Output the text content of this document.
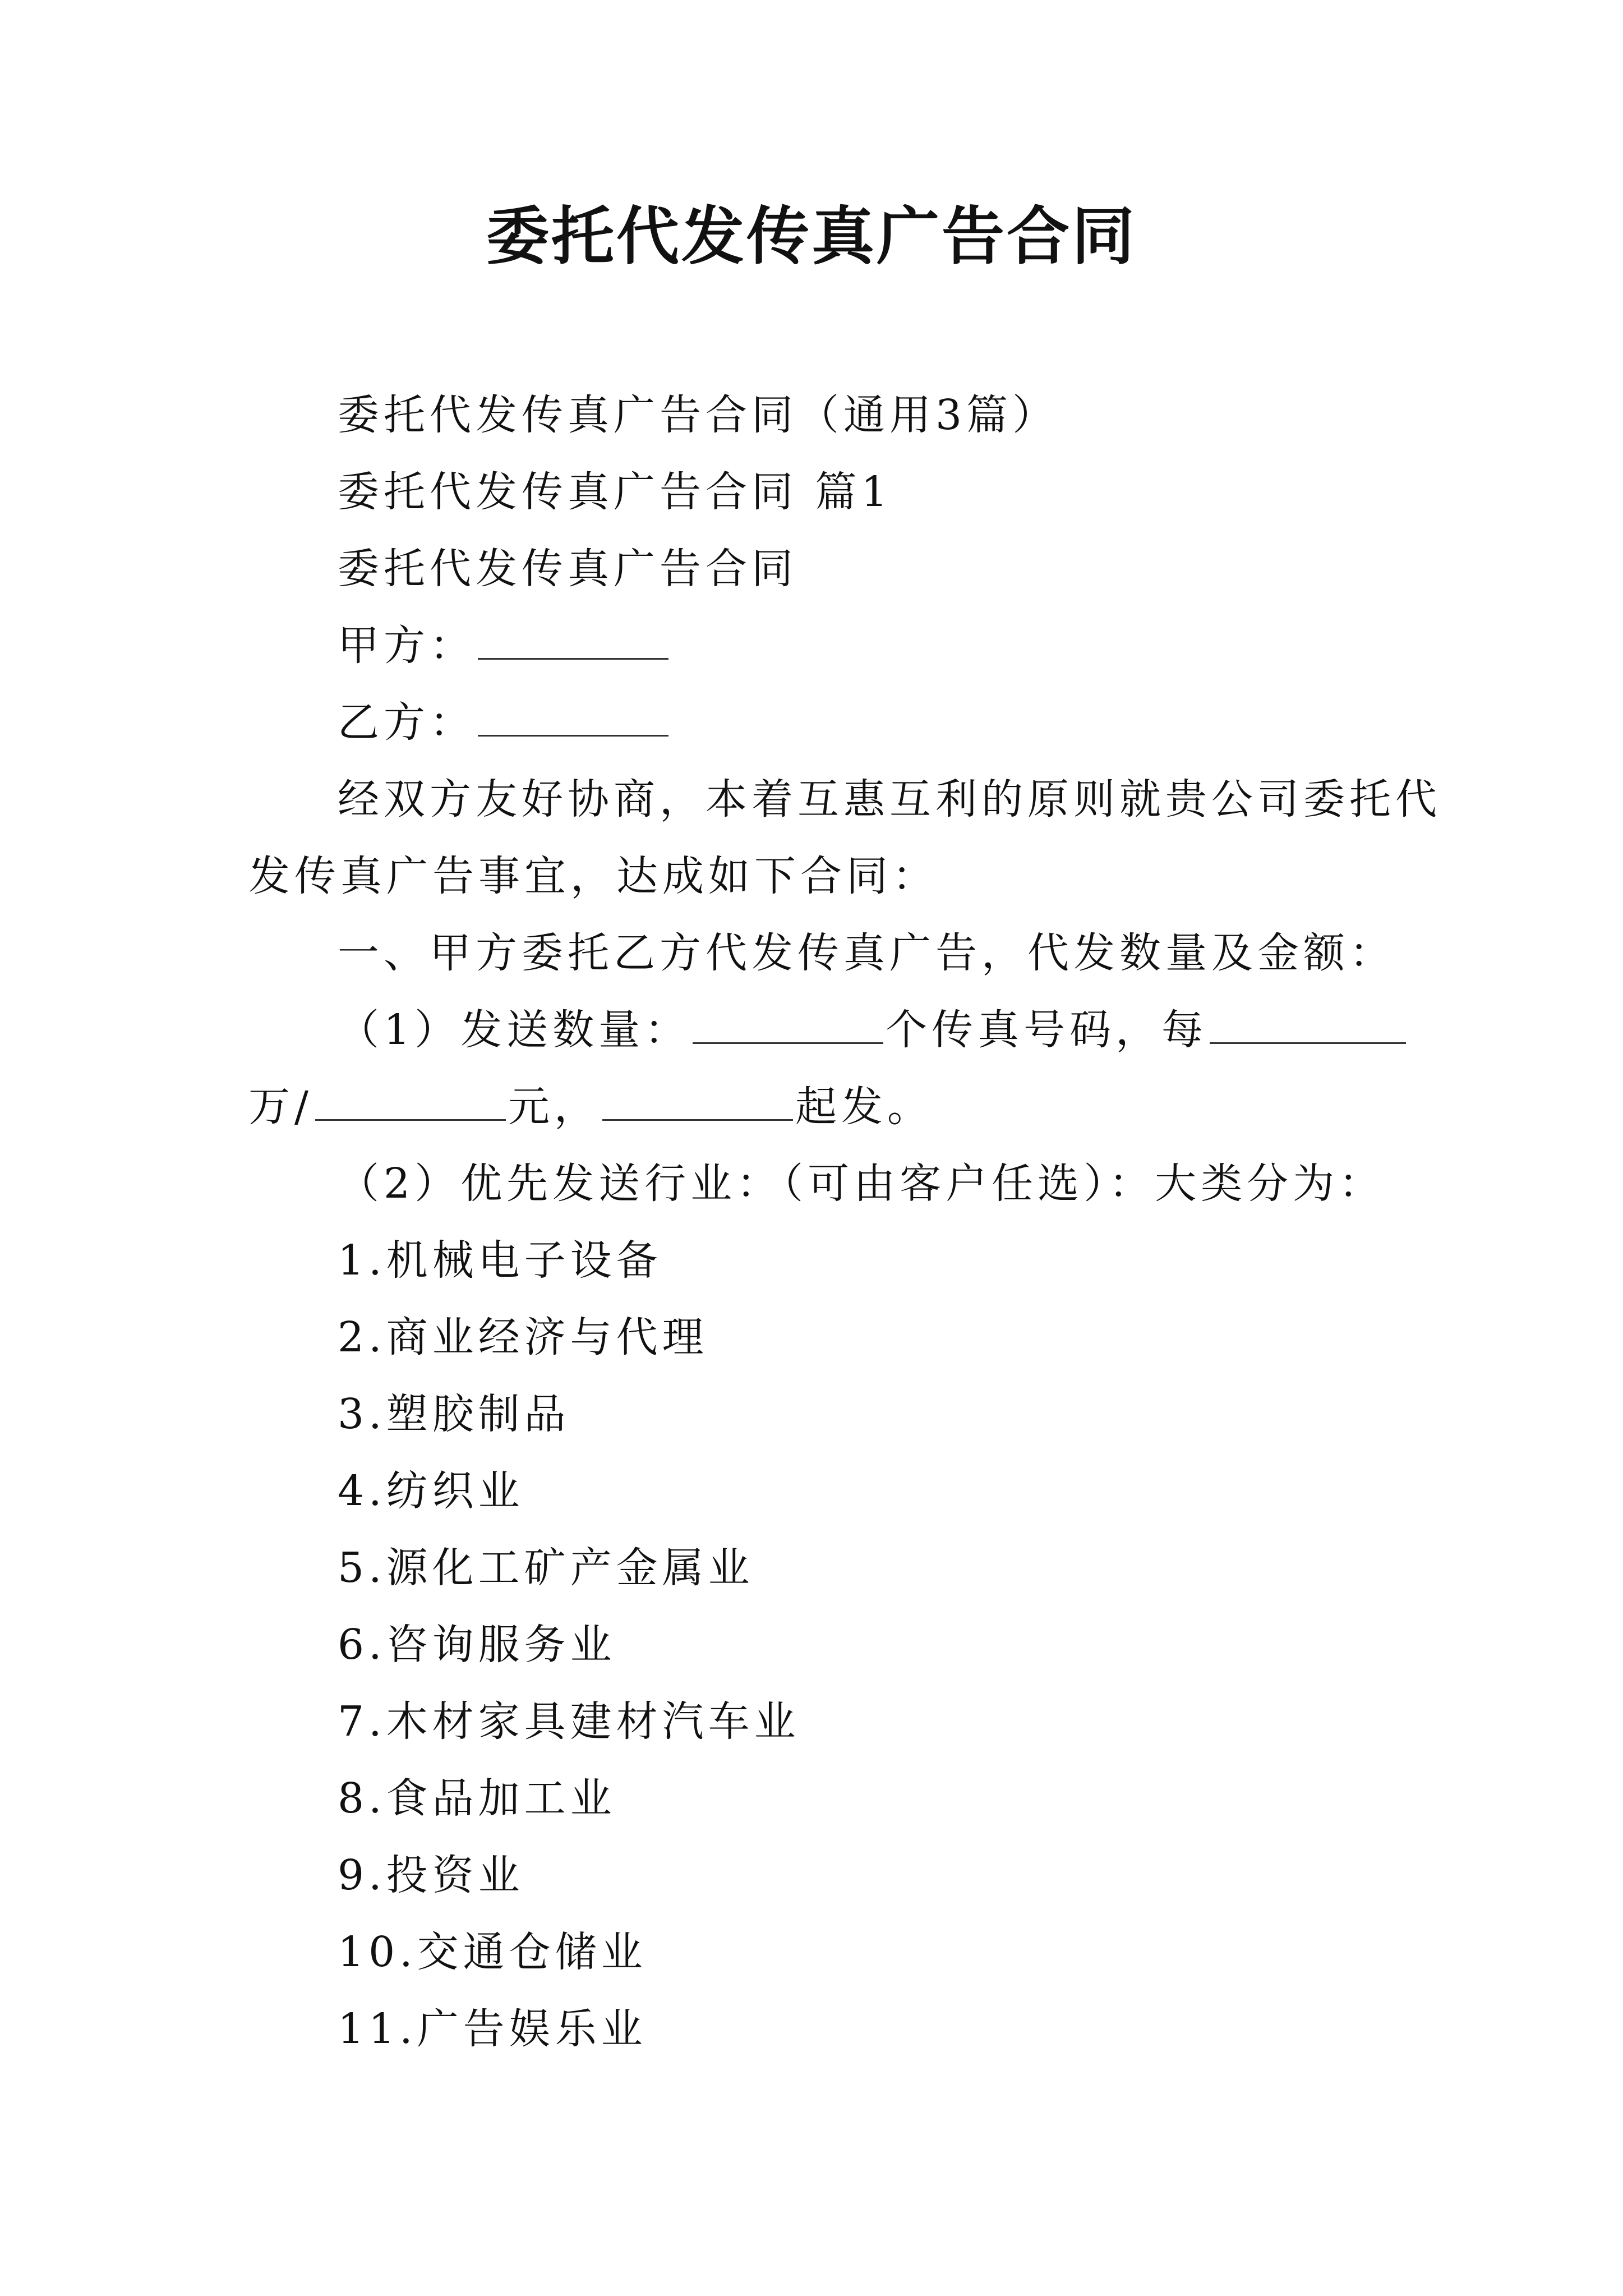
委托代发传真广告合同
委托代发传真广告合同（通用3篇）
委托代发传真广告合同 篇1
委托代发传真广告合同
甲方：
乙方：
经双方友好协商，本着互惠互利的原则就贵公司委托代
发传真广告事宜，达成如下合同：
一、甲方委托乙方代发传真广告，代发数量及金额：
（1）发送数量：	个传真号码，每
万/	元，	起发。
（2）优先发送行业：（可由客户任选）：大类分为：
1.机械电子设备
2.商业经济与代理
3.塑胶制品
4.纺织业
5.源化工矿产金属业
6.咨询服务业
7.木材家具建材汽车业
8.食品加工业
9.投资业
10.交通仓储业
11.广告娱乐业
